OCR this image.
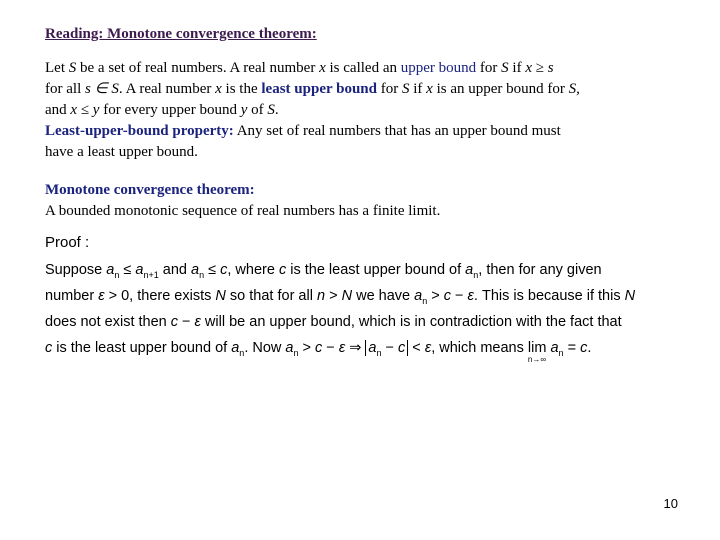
Reading: Monotone convergence theorem:
Let S be a set of real numbers. A real number x is called an upper bound for S if x ≥ s
for all s ∈ S. A real number x is the least upper bound for S if x is an upper bound for S,
and x ≤ y for every upper bound y of S.
Least-upper-bound property: Any set of real numbers that has an upper bound must
have a least upper bound.
Monotone convergence theorem:
A bounded monotonic sequence of real numbers has a finite limit.
Proof :
Suppose $a_n \le a_{n+1}$ and $a_n \le c$, where c is the least upper bound of $a_n$, then for any given
number ε > 0, there exists N so that for all n > N we have $a_n > c - \varepsilon$. This is because if this N
does not exist then c − ε will be an upper bound, which is in contradiction with the fact that
c is the least upper bound of $a_n$. Now $a_n > c - \varepsilon$ ⇒ $a_n - c < \varepsilon$, which means lim
n→∞
$a_n = c$.
10
